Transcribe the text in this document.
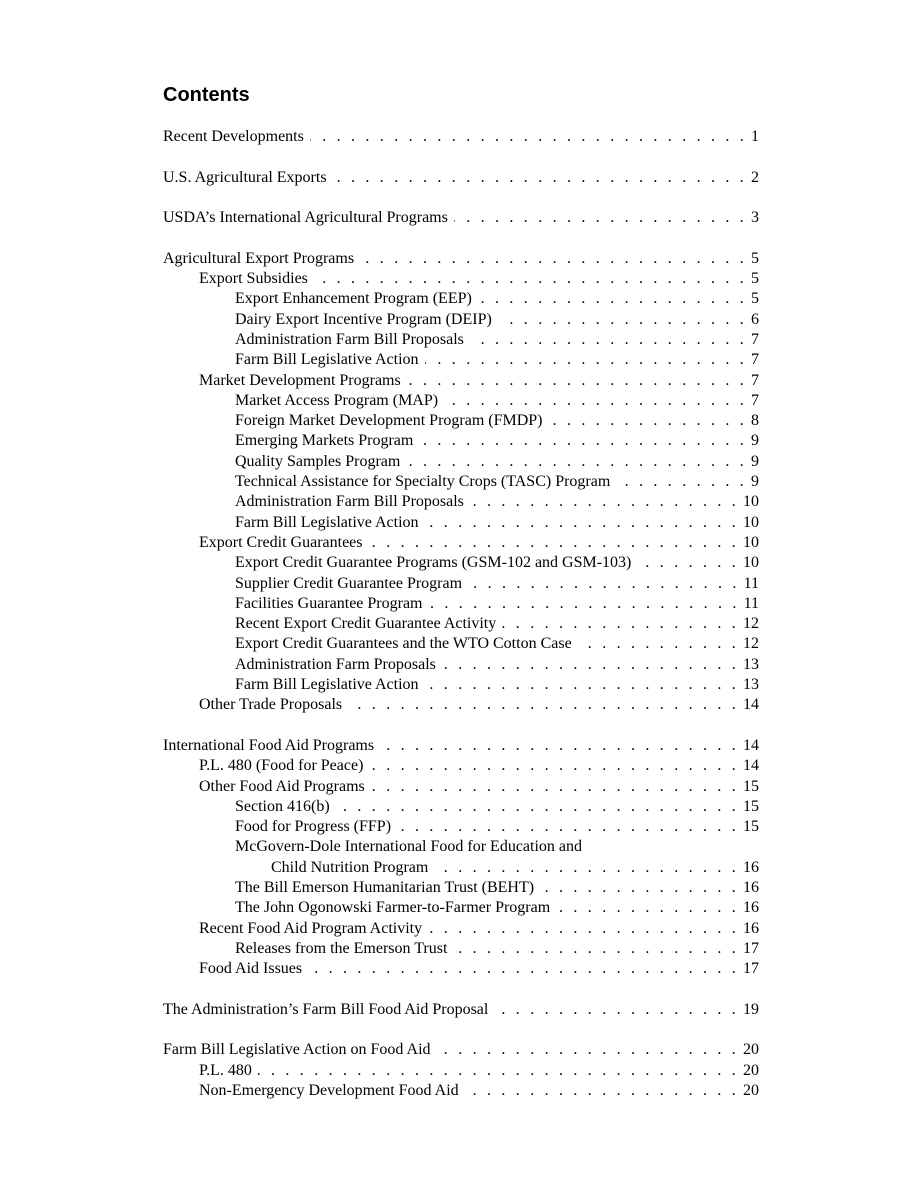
Contents
Recent Developments . . .	1
U.S. Agricultural Exports . . .	2
USDA’s International Agricultural Programs . . .	3
Agricultural Export Programs . . .	5
Export Subsidies . . .	5
Export Enhancement Program (EEP) . . .	5
Dairy Export Incentive Program (DEIP) . . .	6
Administration Farm Bill Proposals . . .	7
Farm Bill Legislative Action . . .	7
Market Development Programs . . .	7
Market Access Program (MAP) . . .	7
Foreign Market Development Program (FMDP) . . .	8
Emerging Markets Program . . .	9
Quality Samples Program . . .	9
Technical Assistance for Specialty Crops (TASC) Program . . .	9
Administration Farm Bill Proposals . . .	10
Farm Bill Legislative Action . . .	10
Export Credit Guarantees . . .	10
Export Credit Guarantee Programs (GSM-102 and GSM-103) . . .	10
Supplier Credit Guarantee Program . . .	11
Facilities Guarantee Program . . .	11
Recent Export Credit Guarantee Activity . . .	12
Export Credit Guarantees and the WTO Cotton Case . . .	12
Administration Farm Proposals . . .	13
Farm Bill Legislative Action . . .	13
Other Trade Proposals . . .	14
International Food Aid Programs . . .	14
P.L. 480 (Food for Peace) . . .	14
Other Food Aid Programs . . .	15
Section 416(b) . . .	15
Food for Progress (FFP) . . .	15
McGovern-Dole International Food for Education and
Child Nutrition Program . . .	16
The Bill Emerson Humanitarian Trust (BEHT) . . .	16
The John Ogonowski Farmer-to-Farmer Program . . .	16
Recent Food Aid Program Activity . . .	16
Releases from the Emerson Trust . . .	17
Food Aid Issues . . .	17
The Administration’s Farm Bill Food Aid Proposal . . .	19
Farm Bill Legislative Action on Food Aid . . .	20
P.L. 480 . . .	20
Non-Emergency Development Food Aid . . .	20
